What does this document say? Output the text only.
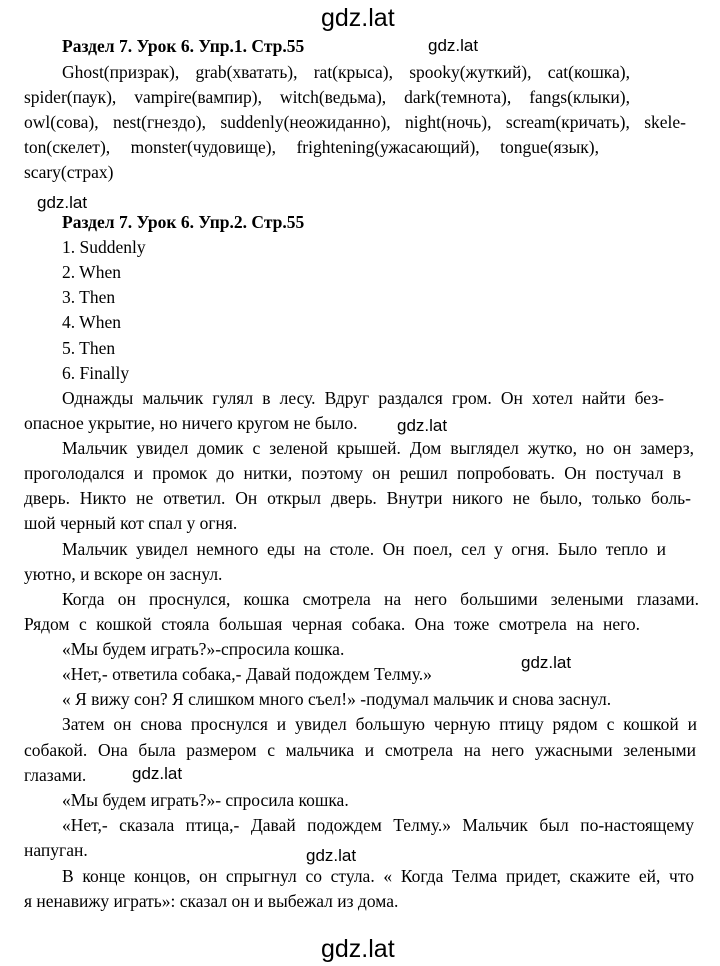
gdz.lat
gdz.lat
gdz.lat
gdz.lat
gdz.lat
gdz.lat
gdz.lat
gdz.lat
Раздел 7. Урок 6. Упр.1. Стр.55
Ghost(призрак), grab(хватать), rat(крыса), spooky(жуткий), cat(кошка),
spider(паук), vampire(вампир), witch(ведьма), dark(темнота), fangs(клыки),
owl(сова), nest(гнездо), suddenly(неожиданно), night(ночь), scream(кричать), skele-
ton(скелет), monster(чудовище), frightening(ужасающий), tongue(язык),
scary(страх)
Раздел 7. Урок 6. Упр.2. Стр.55
1. Suddenly
2. When
3. Then
4. When
5. Then
6. Finally
Однажды мальчик гулял в лесу. Вдруг раздался гром. Он хотел найти без-
опасное укрытие, но ничего кругом не было.
Мальчик увидел домик с зеленой крышей. Дом выглядел жутко, но он замерз,
проголодался и промок до нитки, поэтому он решил попробовать. Он постучал в
дверь. Никто не ответил. Он открыл дверь. Внутри никого не было, только боль-
шой черный кот спал у огня.
Мальчик увидел немного еды на столе. Он поел, сел у огня. Было тепло и
уютно, и вскоре он заснул.
Когда он проснулся, кошка смотрела на него большими зелеными глазами.
Рядом с кошкой стояла большая черная собака. Она тоже смотрела на него.
«Мы будем играть?»-спросила кошка.
«Нет,- ответила собака,- Давай подождем Телму.»
« Я вижу сон? Я слишком много съел!» -подумал мальчик и снова заснул.
Затем он снова проснулся и увидел большую черную птицу рядом с кошкой и
собакой. Она была размером с мальчика и смотрела на него ужасными зелеными
глазами.
«Мы будем играть?»- спросила кошка.
«Нет,- сказала птица,- Давай подождем Телму.» Мальчик был по-настоящему
напуган.
В конце концов, он спрыгнул со стула. « Когда Телма придет, скажите ей, что
я ненавижу играть»: сказал он и выбежал из дома.
